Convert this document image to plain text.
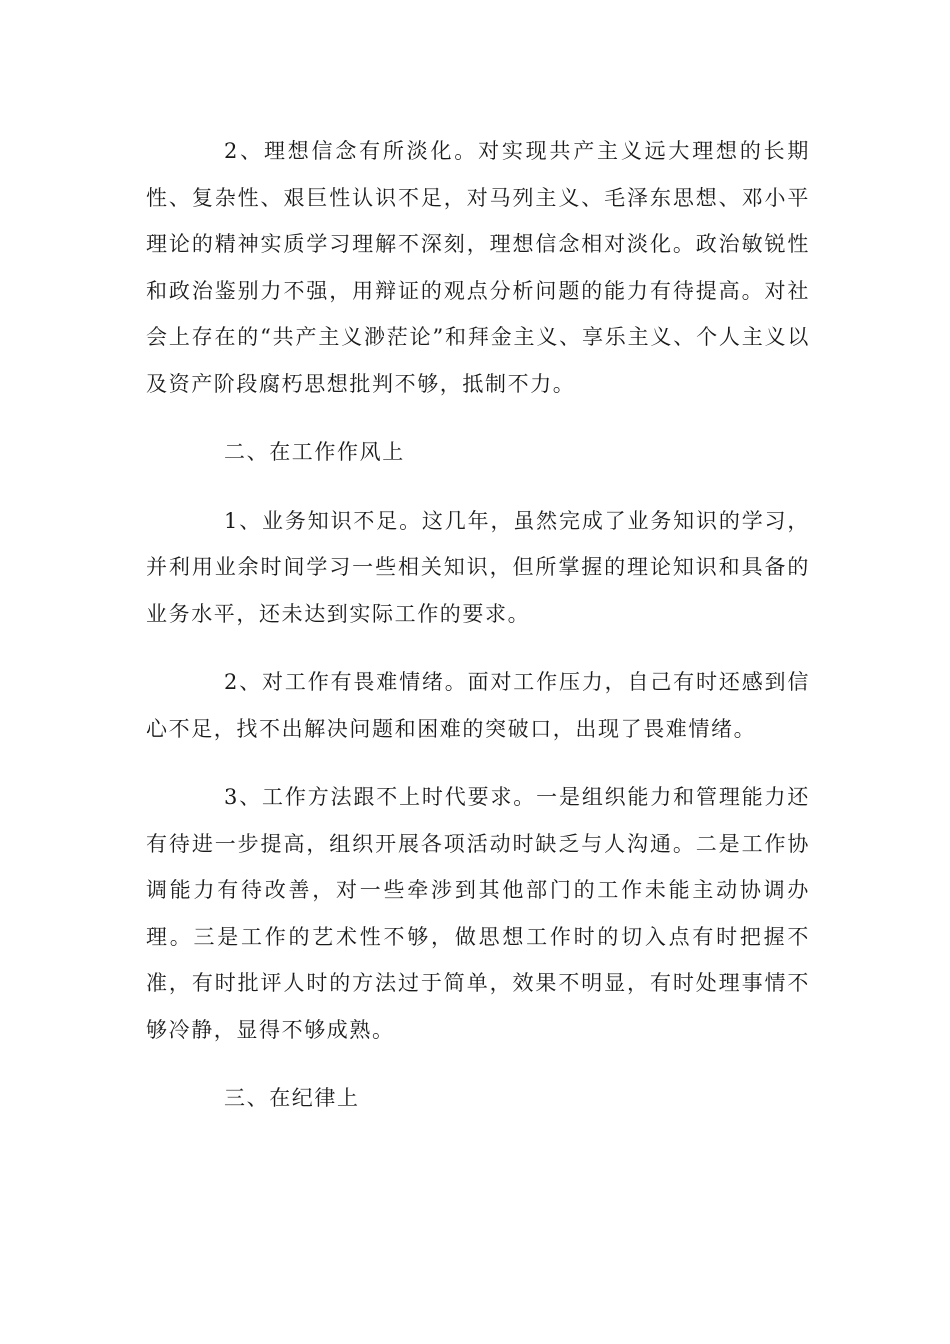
2、理想信念有所淡化。对实现共产主义远大理想的长期性、复杂性、艰巨性认识不足，对马列主义、毛泽东思想、邓小平理论的精神实质学习理解不深刻，理想信念相对淡化。政治敏锐性和政治鉴别力不强，用辩证的观点分析问题的能力有待提高。对社会上存在的“共产主义渺茫论”和拜金主义、享乐主义、个人主义以及资产阶段腐朽思想批判不够，抵制不力。

二、在工作作风上

1、业务知识不足。这几年，虽然完成了业务知识的学习，并利用业余时间学习一些相关知识，但所掌握的理论知识和具备的业务水平，还未达到实际工作的要求。

2、对工作有畏难情绪。面对工作压力，自己有时还感到信心不足，找不出解决问题和困难的突破口，出现了畏难情绪。

3、工作方法跟不上时代要求。一是组织能力和管理能力还有待进一步提高，组织开展各项活动时缺乏与人沟通。二是工作协调能力有待改善，对一些牵涉到其他部门的工作未能主动协调办理。三是工作的艺术性不够，做思想工作时的切入点有时把握不准，有时批评人时的方法过于简单，效果不明显，有时处理事情不够冷静，显得不够成熟。

三、在纪律上
